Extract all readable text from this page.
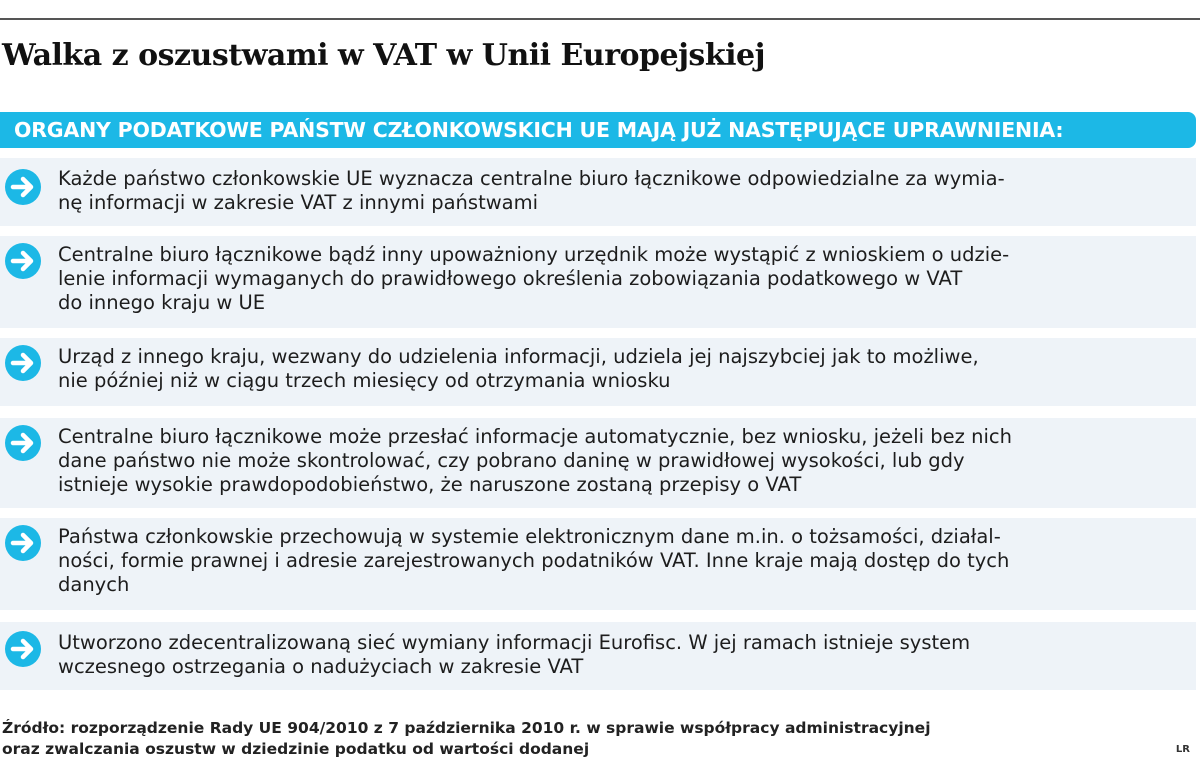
Walka z oszustwami w VAT w Unii Europejskiej
ORGANY PODATKOWE PAŃSTW CZŁONKOWSKICH UE MAJĄ JUŻ NASTĘPUJĄCE UPRAWNIENIA:
Każde państwo członkowskie UE wyznacza centralne biuro łącznikowe odpowiedzialne za wymia-
nę informacji w zakresie VAT z innymi państwami
Centralne biuro łącznikowe bądź inny upoważniony urzędnik może wystąpić z wnioskiem o udzie-
lenie informacji wymaganych do prawidłowego określenia zobowiązania podatkowego w VAT
do innego kraju w UE
Urząd z innego kraju, wezwany do udzielenia informacji, udziela jej najszybciej jak to możliwe,
nie później niż w ciągu trzech miesięcy od otrzymania wniosku
Centralne biuro łącznikowe może przesłać informacje automatycznie, bez wniosku, jeżeli bez nich
dane państwo nie może skontrolować, czy pobrano daninę w prawidłowej wysokości, lub gdy
istnieje wysokie prawdopodobieństwo, że naruszone zostaną przepisy o VAT
Państwa członkowskie przechowują w systemie elektronicznym dane m.in. o tożsamości, działal-
ności, formie prawnej i adresie zarejestrowanych podatników VAT. Inne kraje mają dostęp do tych
danych
Utworzono zdecentralizowaną sieć wymiany informacji Eurofisc. W jej ramach istnieje system
wczesnego ostrzegania o nadużyciach w zakresie VAT
Źródło: rozporządzenie Rady UE 904/2010 z 7 października 2010 r. w sprawie współpracy administracyjnej
oraz zwalczania oszustw w dziedzinie podatku od wartości dodanej	LR
